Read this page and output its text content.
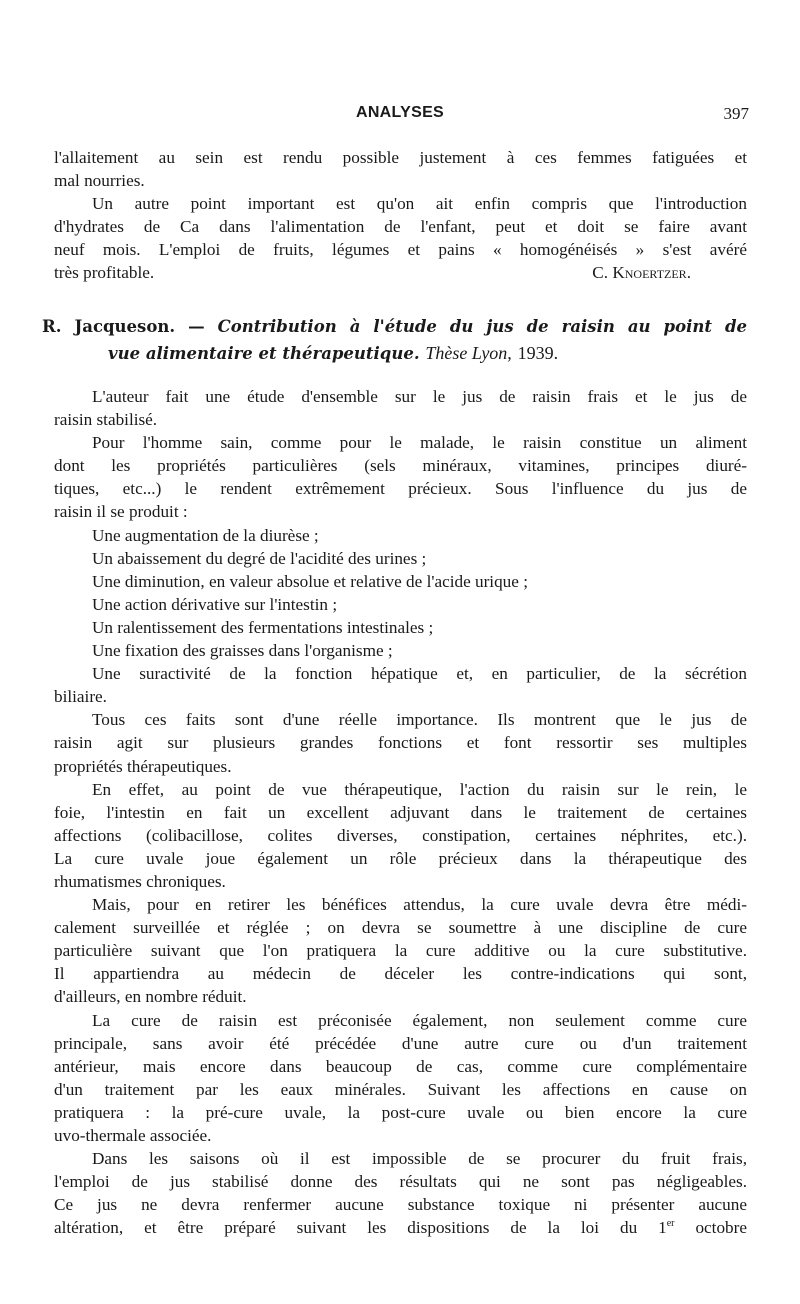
ANALYSES	397
l'allaitement au sein est rendu possible justement à ces femmes fatiguées et
mal nourries.
Un autre point important est qu'on ait enfin compris que l'introduction
d'hydrates de Ca dans l'alimentation de l'enfant, peut et doit se faire avant
neuf mois. L'emploi de fruits, légumes et pains « homogénéisés » s'est avéré
très profitable.	C. Knoertzer.
R. Jacqueson. — Contribution à l'étude du jus de raisin au point de
vue alimentaire et thérapeutique. Thèse Lyon, 1939.
L'auteur fait une étude d'ensemble sur le jus de raisin frais et le jus de
raisin stabilisé.
Pour l'homme sain, comme pour le malade, le raisin constitue un aliment
dont les propriétés particulières (sels minéraux, vitamines, principes diuré-
tiques, etc...) le rendent extrêmement précieux. Sous l'influence du jus de
raisin il se produit :
Une augmentation de la diurèse ;
Un abaissement du degré de l'acidité des urines ;
Une diminution, en valeur absolue et relative de l'acide urique ;
Une action dérivative sur l'intestin ;
Un ralentissement des fermentations intestinales ;
Une fixation des graisses dans l'organisme ;
Une suractivité de la fonction hépatique et, en particulier, de la sécrétion
biliaire.
Tous ces faits sont d'une réelle importance. Ils montrent que le jus de
raisin agit sur plusieurs grandes fonctions et font ressortir ses multiples
propriétés thérapeutiques.
En effet, au point de vue thérapeutique, l'action du raisin sur le rein, le
foie, l'intestin en fait un excellent adjuvant dans le traitement de certaines
affections (colibacillose, colites diverses, constipation, certaines néphrites, etc.).
La cure uvale joue également un rôle précieux dans la thérapeutique des
rhumatismes chroniques.
Mais, pour en retirer les bénéfices attendus, la cure uvale devra être médi-
calement surveillée et réglée ; on devra se soumettre à une discipline de cure
particulière suivant que l'on pratiquera la cure additive ou la cure substitutive.
Il appartiendra au médecin de déceler les contre-indications qui sont,
d'ailleurs, en nombre réduit.
La cure de raisin est préconisée également, non seulement comme cure
principale, sans avoir été précédée d'une autre cure ou d'un traitement
antérieur, mais encore dans beaucoup de cas, comme cure complémentaire
d'un traitement par les eaux minérales. Suivant les affections en cause on
pratiquera : la pré-cure uvale, la post-cure uvale ou bien encore la cure
uvo-thermale associée.
Dans les saisons où il est impossible de se procurer du fruit frais,
l'emploi de jus stabilisé donne des résultats qui ne sont pas négligeables.
Ce jus ne devra renfermer aucune substance toxique ni présenter aucune
altération, et être préparé suivant les dispositions de la loi du 1er octobre
